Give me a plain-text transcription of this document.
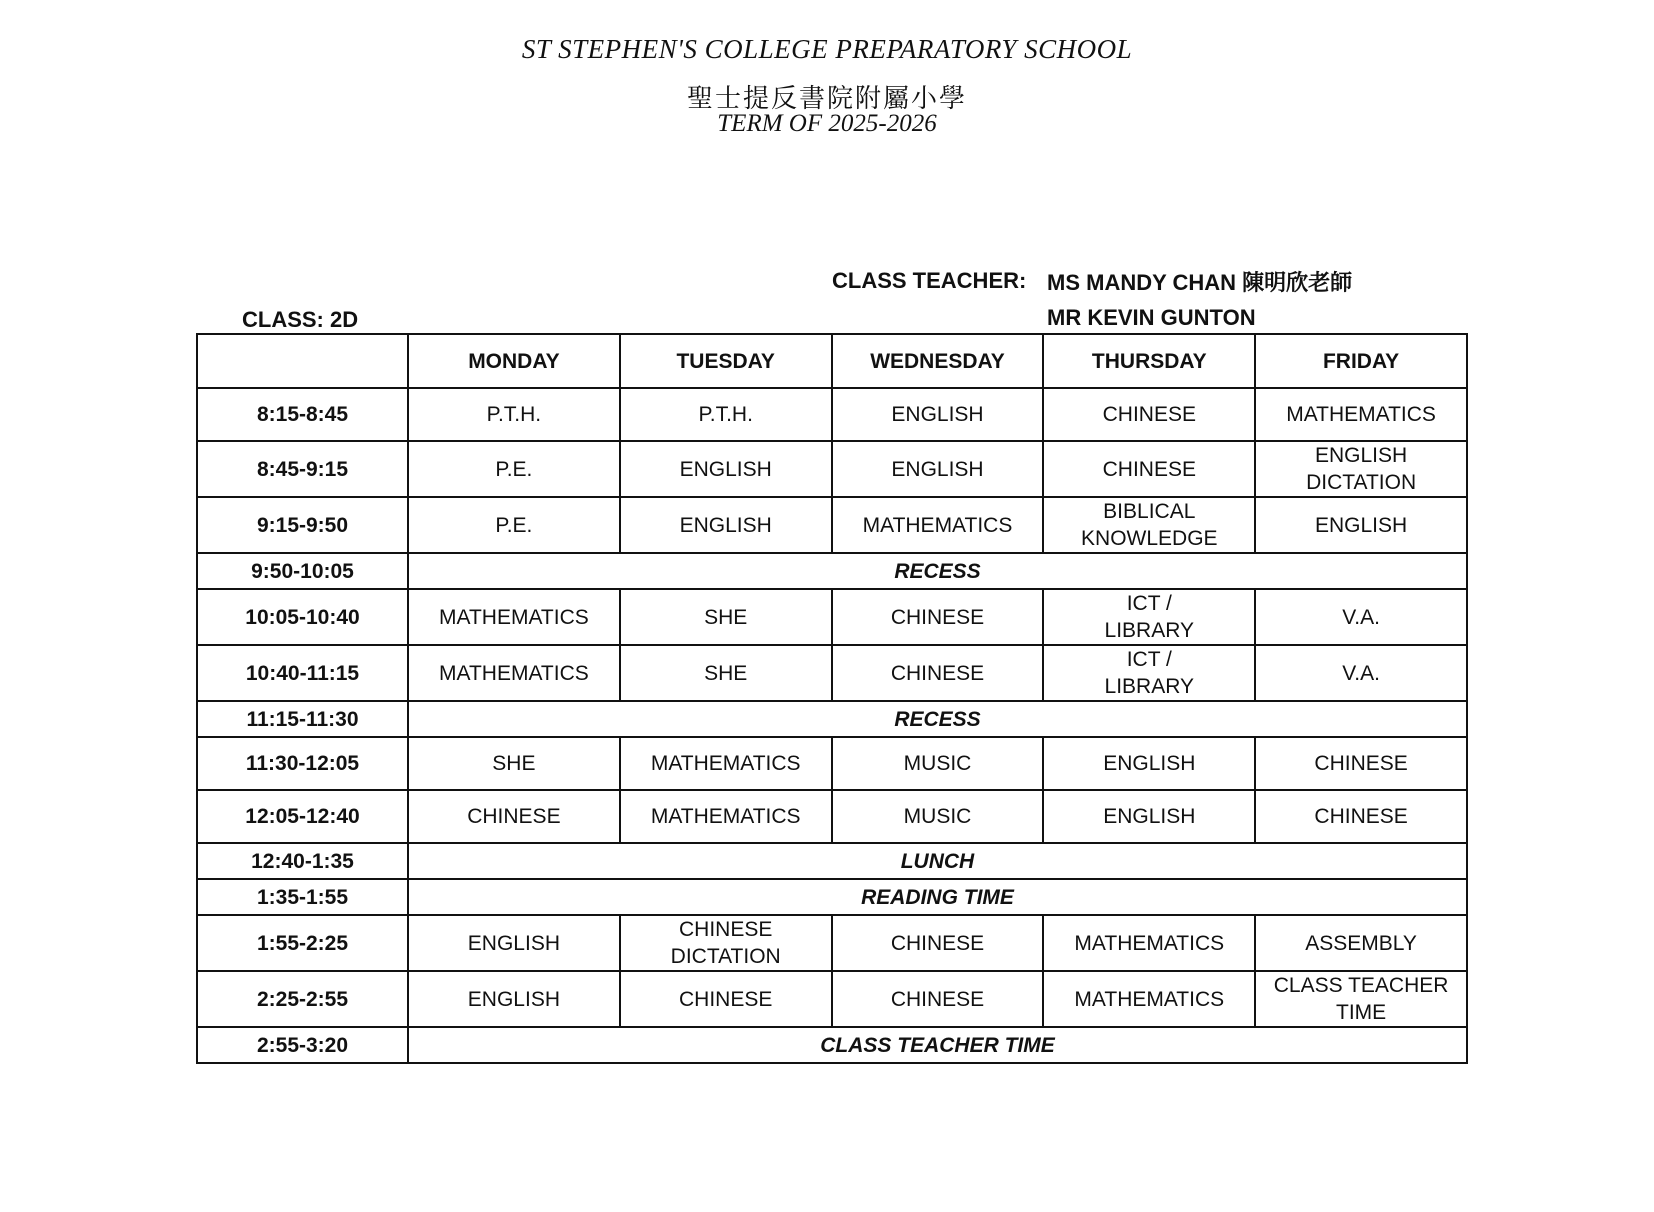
ST STEPHEN'S COLLEGE PREPARATORY SCHOOL
聖士提反書院附屬小學
TERM OF 2025-2026
CLASS TEACHER: MS MANDY CHAN 陳明欣老師
MR KEVIN GUNTON
CLASS: 2D
	MONDAY	TUESDAY	WEDNESDAY	THURSDAY	FRIDAY
8:15-8:45	P.T.H.	P.T.H.	ENGLISH	CHINESE	MATHEMATICS
8:45-9:15	P.E.	ENGLISH	ENGLISH	CHINESE	ENGLISH
DICTATION
9:15-9:50	P.E.	ENGLISH	MATHEMATICS	BIBLICAL
KNOWLEDGE	ENGLISH
9:50-10:05	RECESS				
10:05-10:40	MATHEMATICS	SHE	CHINESE	ICT /
LIBRARY	V.A.
10:40-11:15	MATHEMATICS	SHE	CHINESE	ICT /
LIBRARY	V.A.
11:15-11:30	RECESS				
11:30-12:05	SHE	MATHEMATICS	MUSIC	ENGLISH	CHINESE
12:05-12:40	CHINESE	MATHEMATICS	MUSIC	ENGLISH	CHINESE
12:40-1:35	LUNCH				
1:35-1:55	READING TIME				
1:55-2:25	ENGLISH	CHINESE
DICTATION	CHINESE	MATHEMATICS	ASSEMBLY
2:25-2:55	ENGLISH	CHINESE	CHINESE	MATHEMATICS	CLASS TEACHER
TIME
2:55-3:20	CLASS TEACHER TIME				
